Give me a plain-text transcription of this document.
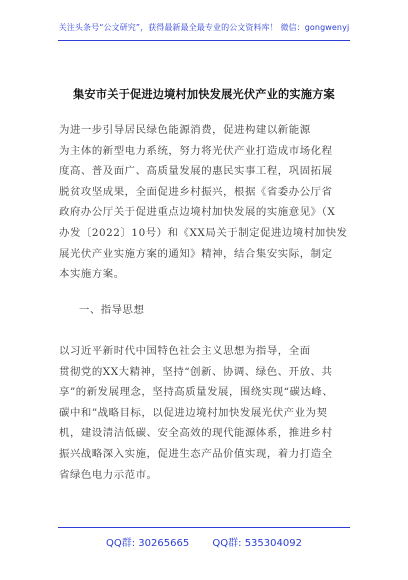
关注头条号“公文研究”，获得最新最全最专业的公文资料库！ 微信：gongwenyj
集安市关于促进边境村加快发展光伏产业的实施方案
为进一步引导居民绿色能源消费，促进构建以新能源
为主体的新型电力系统，努力将光伏产业打造成市场化程
度高、普及面广、高质量发展的惠民实事工程，巩固拓展
脱贫攻坚成果，全面促进乡村振兴，根据《省委办公厅省
政府办公厅关于促进重点边境村加快发展的实施意见》（X
办发〔2022〕10号）和《XX局关于制定促进边境村加快发
展光伏产业实施方案的通知》精神，结合集安实际，制定
本实施方案。
一、指导思想
以习近平新时代中国特色社会主义思想为指导，全面
贯彻党的XX大精神，坚持“创新、协调、绿色、开放、共
享”的新发展理念，坚持高质量发展，围绕实现“碳达峰、
碳中和”战略目标，以促进边境村加快发展光伏产业为契
机，建设清洁低碳、安全高效的现代能源体系，推进乡村
振兴战略深入实施，促进生态产品价值实现，着力打造全
省绿色电力示范市。
QQ群: 30265665 QQ群: 535304092
